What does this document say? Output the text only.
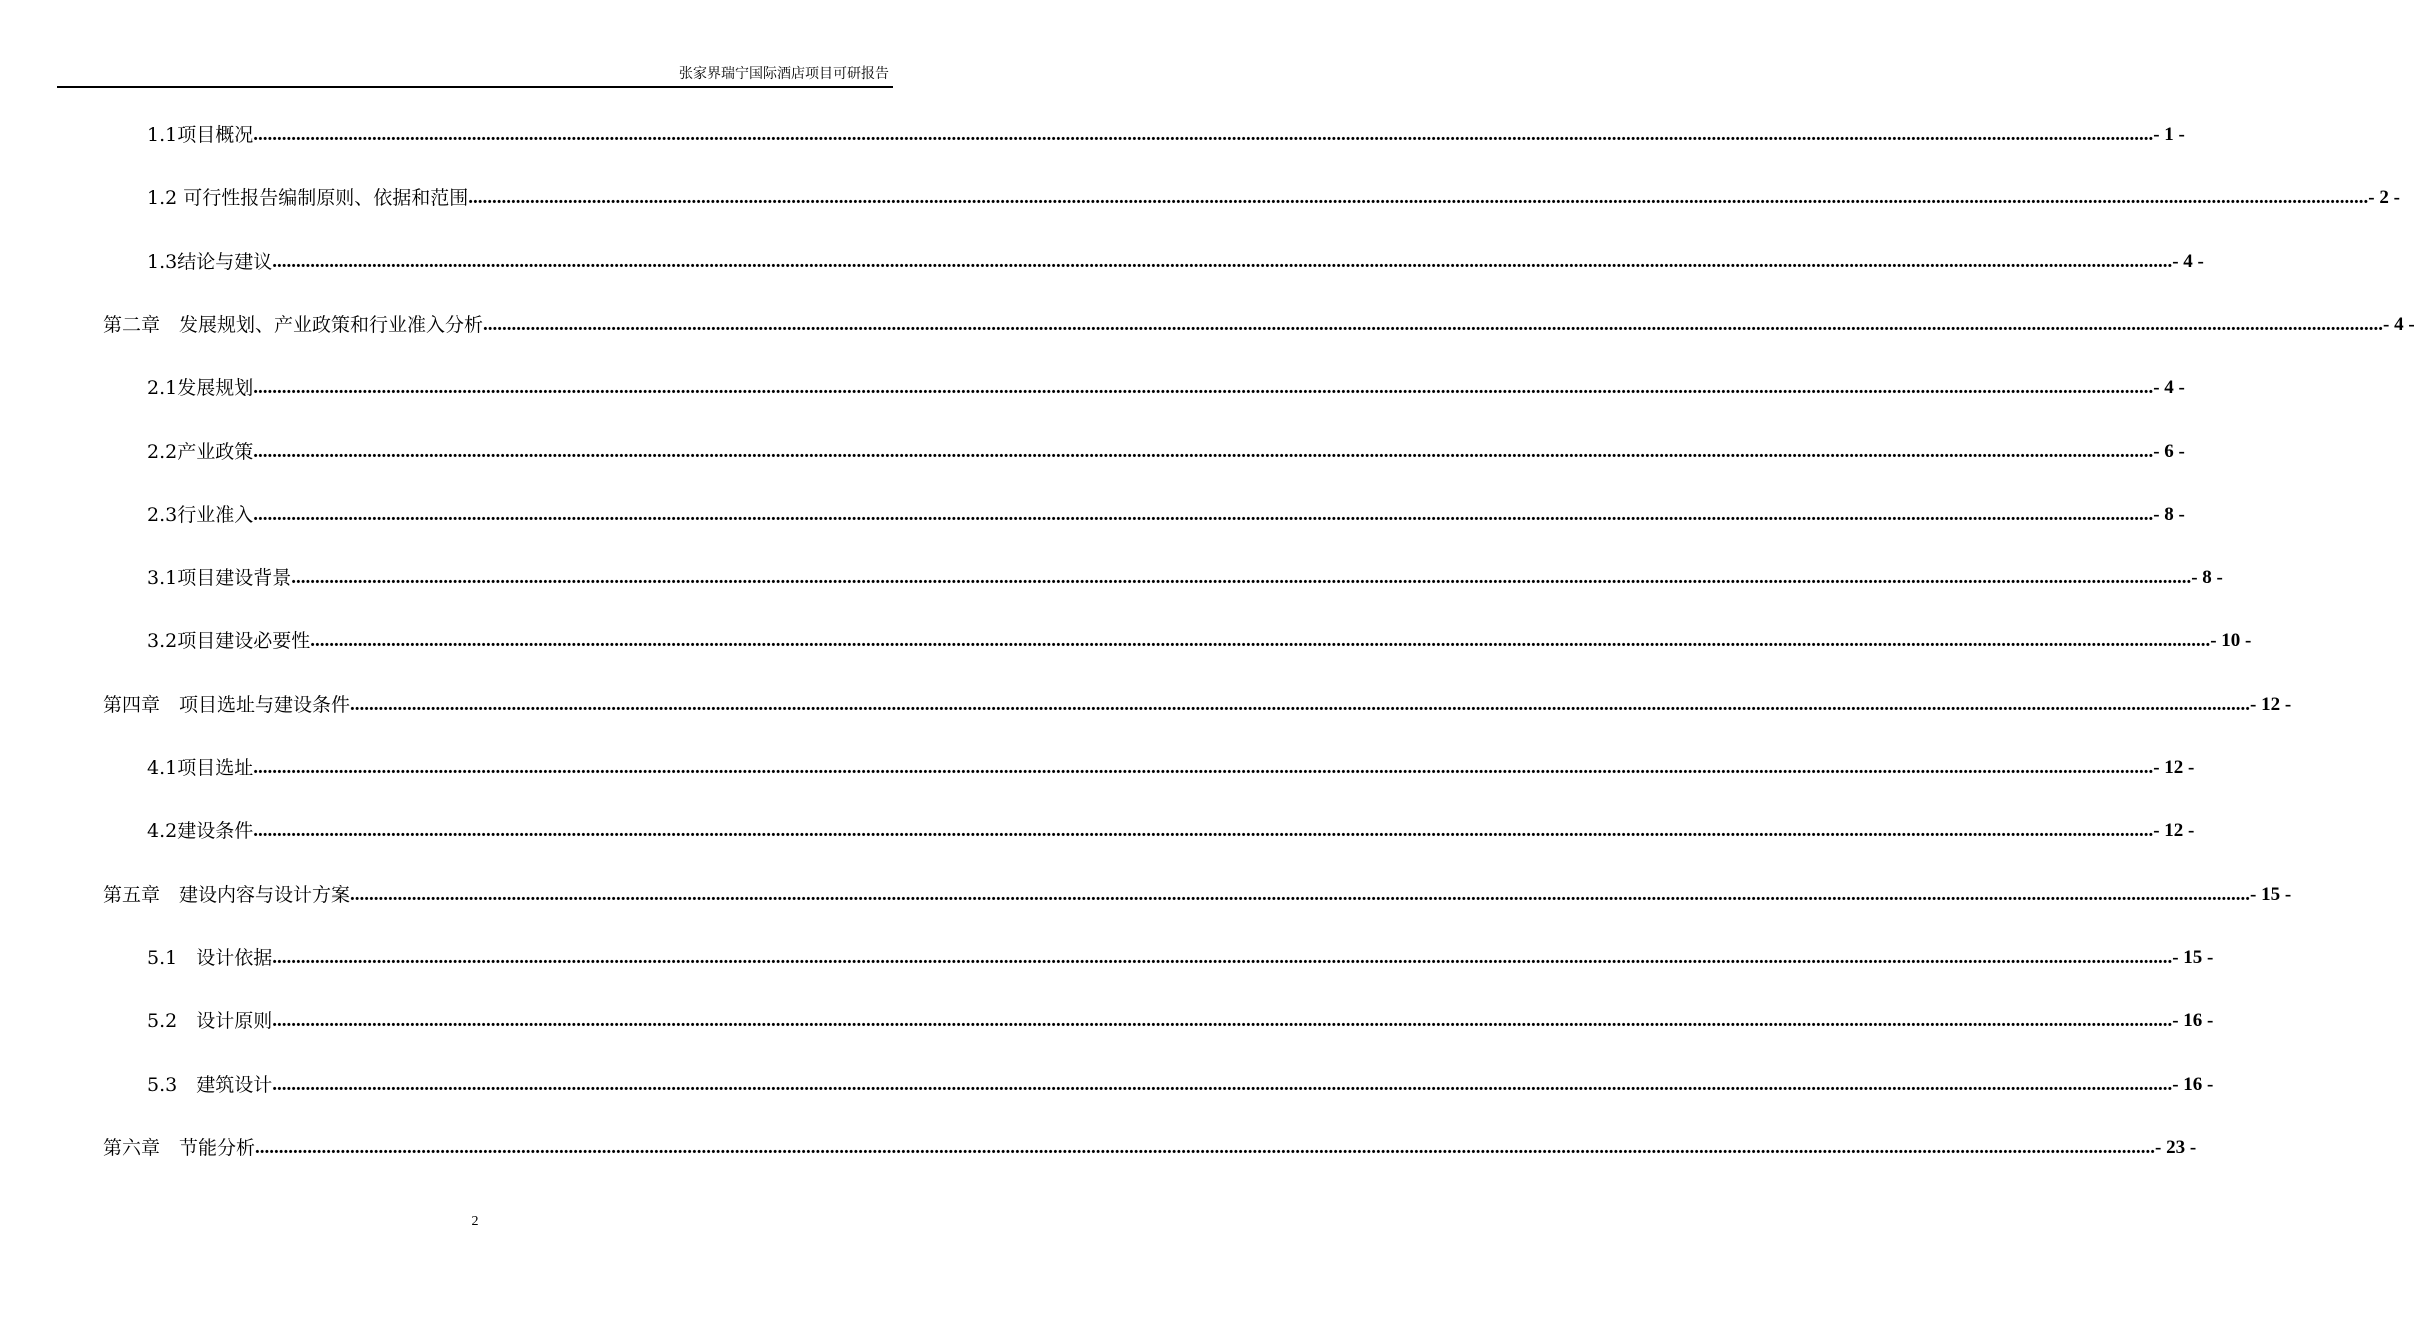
张家界瑞宁国际酒店项目可研报告
1.1项目概况 ................................................................................................................................................................................................................................................................................................................................................................................................................ - 1 -
1.2 可行性报告编制原则、依据和范围 ................................................................................................................................................................................................................................................................................................................................................................................................................ - 2 -
1.3结论与建议 ................................................................................................................................................................................................................................................................................................................................................................................................................ - 4 -
第二章　发展规划、产业政策和行业准入分析 ................................................................................................................................................................................................................................................................................................................................................................................................................ - 4 -
2.1发展规划 ................................................................................................................................................................................................................................................................................................................................................................................................................ - 4 -
2.2产业政策 ................................................................................................................................................................................................................................................................................................................................................................................................................ - 6 -
2.3行业准入 ................................................................................................................................................................................................................................................................................................................................................................................................................ - 8 -
3.1项目建设背景 ................................................................................................................................................................................................................................................................................................................................................................................................................ - 8 -
3.2项目建设必要性 ................................................................................................................................................................................................................................................................................................................................................................................................................ - 10 -
第四章　项目选址与建设条件 ................................................................................................................................................................................................................................................................................................................................................................................................................ - 12 -
4.1项目选址 ................................................................................................................................................................................................................................................................................................................................................................................................................ - 12 -
4.2建设条件 ................................................................................................................................................................................................................................................................................................................................................................................................................ - 12 -
第五章　建设内容与设计方案 ................................................................................................................................................................................................................................................................................................................................................................................................................ - 15 -
5.1　设计依据 ................................................................................................................................................................................................................................................................................................................................................................................................................ - 15 -
5.2　设计原则 ................................................................................................................................................................................................................................................................................................................................................................................................................ - 16 -
5.3　建筑设计 ................................................................................................................................................................................................................................................................................................................................................................................................................ - 16 -
第六章　节能分析 ................................................................................................................................................................................................................................................................................................................................................................................................................ - 23 -
2
